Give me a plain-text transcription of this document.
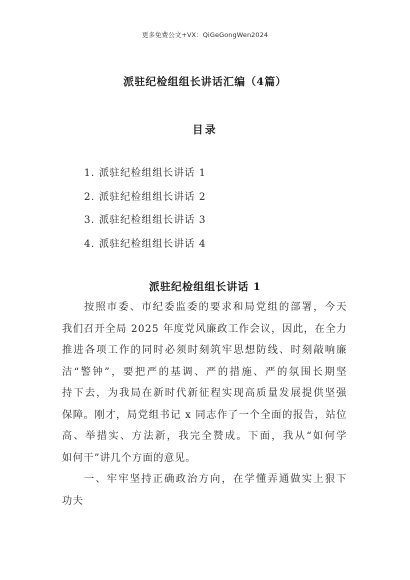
更多免费公文+VX：QiGeGongWen2024
派驻纪检组组长讲话汇编（4篇）
目录
1. 派驻纪检组组长讲话 1
2. 派驻纪检组组长讲话 2
3. 派驻纪检组组长讲话 3
4. 派驻纪检组组长讲话 4
派驻纪检组组长讲话 1
按照市委、市纪委监委的要求和局党组的部署，今天
我们召开全局 2025 年度党风廉政工作会议，因此，在全力
推进各项工作的同时必须时刻筑牢思想防线、时刻敲响廉
洁“警钟”，要把严的基调、严的措施、严的氛围长期坚
持下去，为我局在新时代新征程实现高质量发展提供坚强
保障。刚才，局党组书记 x 同志作了一个全面的报告，站位
高、举措实、方法新，我完全赞成。下面，我从“如何学
如何干”讲几个方面的意见。
一、牢牢坚持正确政治方向，在学懂弄通做实上狠下
功夫
